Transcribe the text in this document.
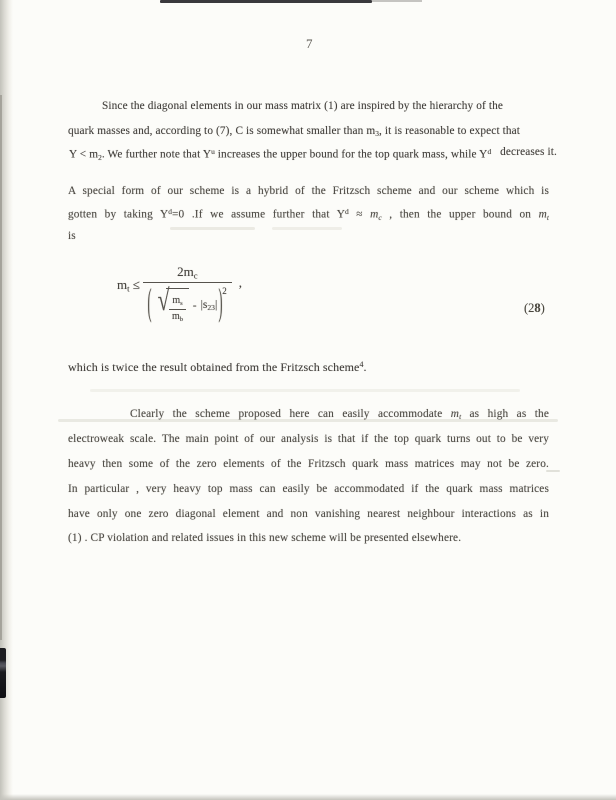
7
Since the diagonal elements in our mass matrix (1) are inspired by the hierarchy of the
quark masses and, according to (7), C is somewhat smaller than m3, it is reasonable to expect that
Y < m2. We further note that $Y^u$ increases the upper bound for the top quark mass, while $Y^d$ decreases it.
A special form of our scheme is a hybrid of the Fritzsch scheme and our scheme which is
gotten by taking $Y^d=0$ .If we assume further that $Y^d$ ≈ mc , then the upper bound on mt
is
mt ≤
2mc
( √ $\frac{ms}{mb} - |s23|$ ) 2
,
(28)
which is twice the result obtained from the Fritzsch scheme$^4$.
Clearly the scheme proposed here can easily accommodate mt as high as the
electroweak scale. The main point of our analysis is that if the top quark turns out to be very
heavy then some of the zero elements of the Fritzsch quark mass matrices may not be zero.
In particular , very heavy top mass can easily be accommodated if the quark mass matrices
have only one zero diagonal element and non vanishing nearest neighbour interactions as in
(1) . CP violation and related issues in this new scheme will be presented elsewhere.
